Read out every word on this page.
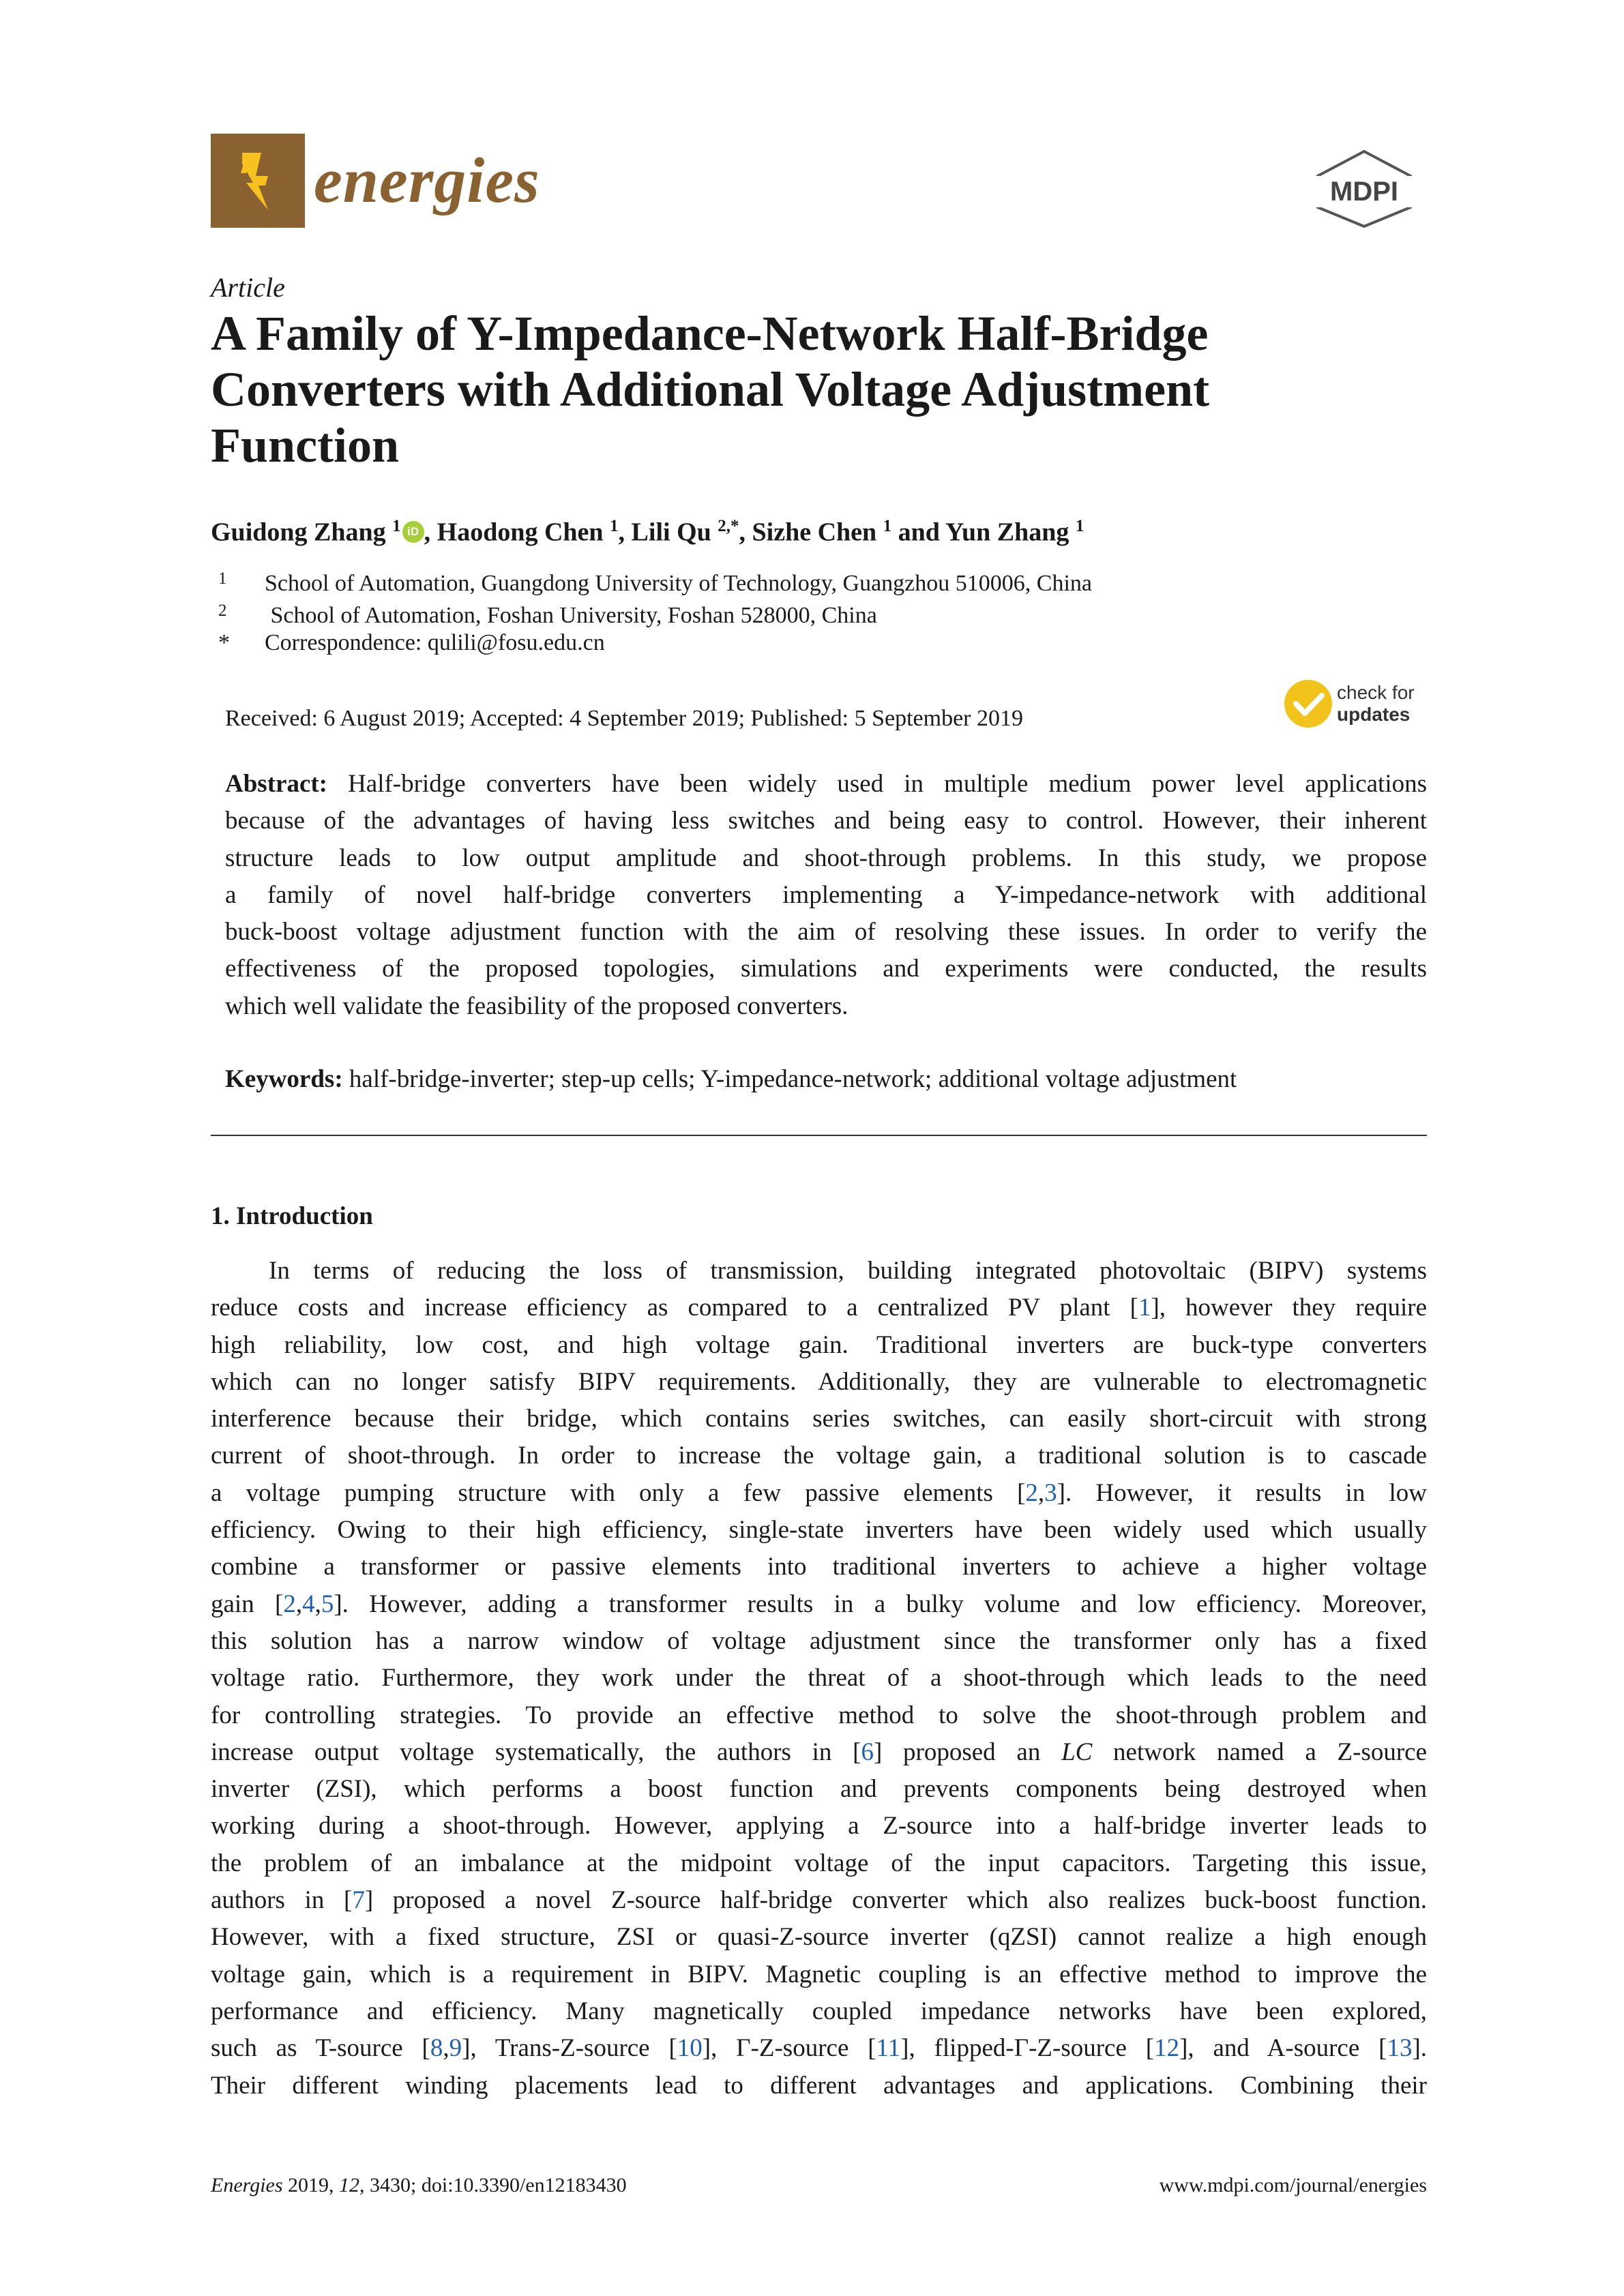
energies	MDPI
Article
A Family of Y-Impedance-Network Half-Bridge
Converters with Additional Voltage Adjustment
Function
Guidong Zhang $^1$ iD , Haodong Chen $^1$, Lili Qu $^{2,*}$, Sizhe Chen $^1$ and Yun Zhang $^1$
1 School of Automation, Guangdong University of Technology, Guangzhou 510006, China
2 School of Automation, Foshan University, Foshan 528000, China
* Correspondence: qulili@fosu.edu.cn
Received: 6 August 2019; Accepted: 4 September 2019; Published: 5 September 2019
check for
updates
Abstract: Half-bridge converters have been widely used in multiple medium power level applications
because of the advantages of having less switches and being easy to control. However, their inherent
structure leads to low output amplitude and shoot-through problems. In this study, we propose
a family of novel half-bridge converters implementing a Y-impedance-network with additional
buck-boost voltage adjustment function with the aim of resolving these issues. In order to verify the
effectiveness of the proposed topologies, simulations and experiments were conducted, the results
which well validate the feasibility of the proposed converters.
Keywords: half-bridge-inverter; step-up cells; Y-impedance-network; additional voltage adjustment
1. Introduction
In terms of reducing the loss of transmission, building integrated photovoltaic (BIPV) systems
reduce costs and increase efficiency as compared to a centralized PV plant [1], however they require
high reliability, low cost, and high voltage gain. Traditional inverters are buck-type converters
which can no longer satisfy BIPV requirements. Additionally, they are vulnerable to electromagnetic
interference because their bridge, which contains series switches, can easily short-circuit with strong
current of shoot-through. In order to increase the voltage gain, a traditional solution is to cascade
a voltage pumping structure with only a few passive elements [2,3]. However, it results in low
efficiency. Owing to their high efficiency, single-state inverters have been widely used which usually
combine a transformer or passive elements into traditional inverters to achieve a higher voltage
gain [2,4,5]. However, adding a transformer results in a bulky volume and low efficiency. Moreover,
this solution has a narrow window of voltage adjustment since the transformer only has a fixed
voltage ratio. Furthermore, they work under the threat of a shoot-through which leads to the need
for controlling strategies. To provide an effective method to solve the shoot-through problem and
increase output voltage systematically, the authors in [6] proposed an LC network named a Z-source
inverter (ZSI), which performs a boost function and prevents components being destroyed when
working during a shoot-through. However, applying a Z-source into a half-bridge inverter leads to
the problem of an imbalance at the midpoint voltage of the input capacitors. Targeting this issue,
authors in [7] proposed a novel Z-source half-bridge converter which also realizes buck-boost function.
However, with a fixed structure, ZSI or quasi-Z-source inverter (qZSI) cannot realize a high enough
voltage gain, which is a requirement in BIPV. Magnetic coupling is an effective method to improve the
performance and efficiency. Many magnetically coupled impedance networks have been explored,
such as T-source [8,9], Trans-Z-source [10], Γ-Z-source [11], flipped-Γ-Z-source [12], and A-source [13].
Their different winding placements lead to different advantages and applications. Combining their
Energies 2019, 12, 3430; doi:10.3390/en12183430	www.mdpi.com/journal/energies
